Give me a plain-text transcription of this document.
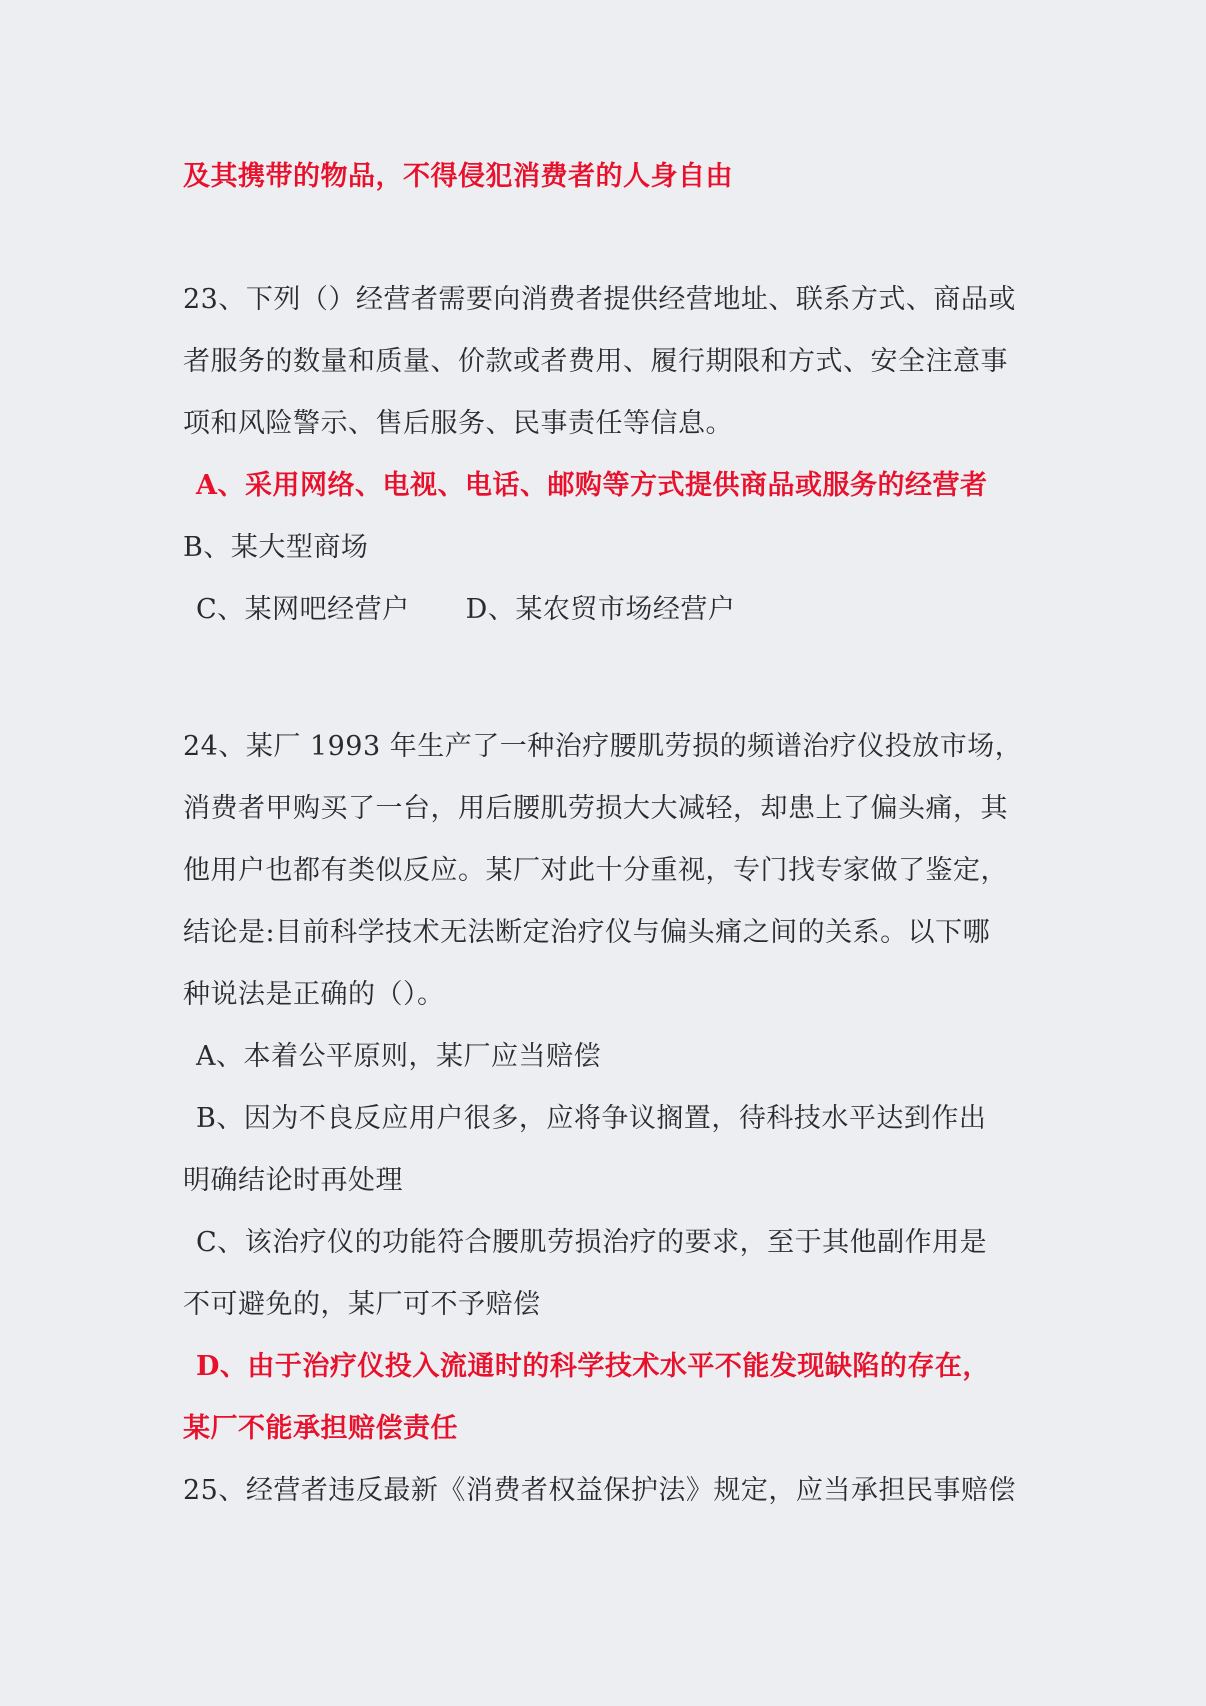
及其携带的物品，不得侵犯消费者的人身自由
23、下列（）经营者需要向消费者提供经营地址、联系方式、商品或
者服务的数量和质量、价款或者费用、履行期限和方式、安全注意事
项和风险警示、售后服务、民事责任等信息。
A、采用网络、电视、电话、邮购等方式提供商品或服务的经营者
B、某大型商场
C、某网吧经营户 D、某农贸市场经营户
24、某厂 1993 年生产了一种治疗腰肌劳损的频谱治疗仪投放市场，
消费者甲购买了一台，用后腰肌劳损大大减轻，却患上了偏头痛，其
他用户也都有类似反应。某厂对此十分重视，专门找专家做了鉴定，
结论是:目前科学技术无法断定治疗仪与偏头痛之间的关系。以下哪
种说法是正确的（）。
A、本着公平原则，某厂应当赔偿
B、因为不良反应用户很多，应将争议搁置，待科技水平达到作出
明确结论时再处理
C、该治疗仪的功能符合腰肌劳损治疗的要求，至于其他副作用是
不可避免的，某厂可不予赔偿
D、由于治疗仪投入流通时的科学技术水平不能发现缺陷的存在，
某厂不能承担赔偿责任
25、经营者违反最新《消费者权益保护法》规定，应当承担民事赔偿
